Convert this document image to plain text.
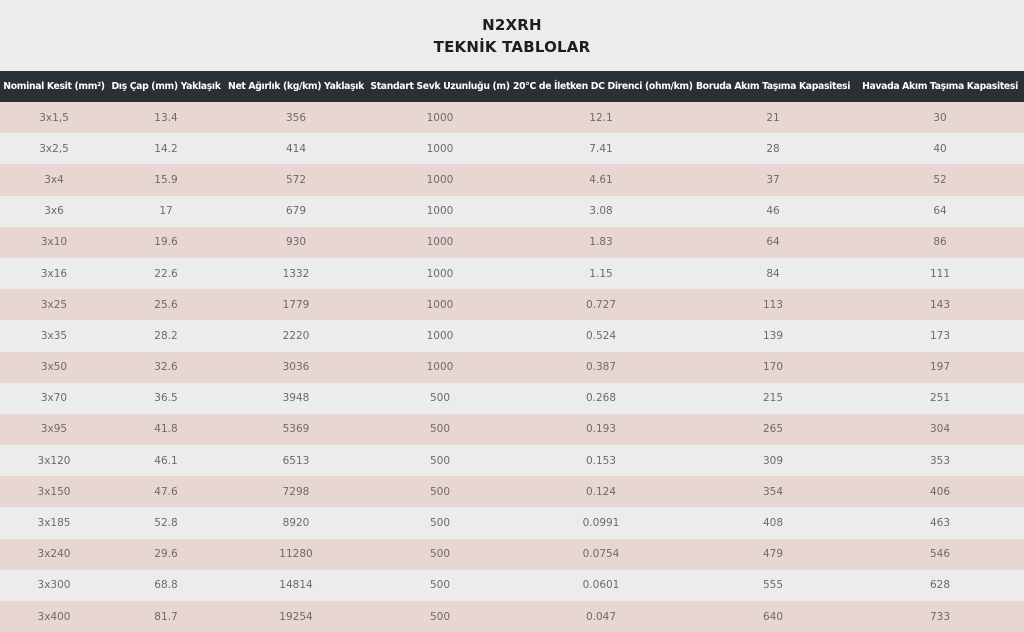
N2XRH
TEKNİK TABLOLAR
Nominal Kesit (mm²)	Dış Çap (mm) Yaklaşık	Net Ağırlık (kg/km) Yaklaşık	Standart Sevk Uzunluğu (m)	20°C de İletken DC Direnci (ohm/km)	Boruda Akım Taşıma Kapasitesi	Havada Akım Taşıma Kapasitesi
3x1,5	13.4	356	1000	12.1	21	30
3x2,5	14.2	414	1000	7.41	28	40
3x4	15.9	572	1000	4.61	37	52
3x6	17	679	1000	3.08	46	64
3x10	19.6	930	1000	1.83	64	86
3x16	22.6	1332	1000	1.15	84	111
3x25	25.6	1779	1000	0.727	113	143
3x35	28.2	2220	1000	0.524	139	173
3x50	32.6	3036	1000	0.387	170	197
3x70	36.5	3948	500	0.268	215	251
3x95	41.8	5369	500	0.193	265	304
3x120	46.1	6513	500	0.153	309	353
3x150	47.6	7298	500	0.124	354	406
3x185	52.8	8920	500	0.0991	408	463
3x240	29.6	11280	500	0.0754	479	546
3x300	68.8	14814	500	0.0601	555	628
3x400	81.7	19254	500	0.047	640	733
